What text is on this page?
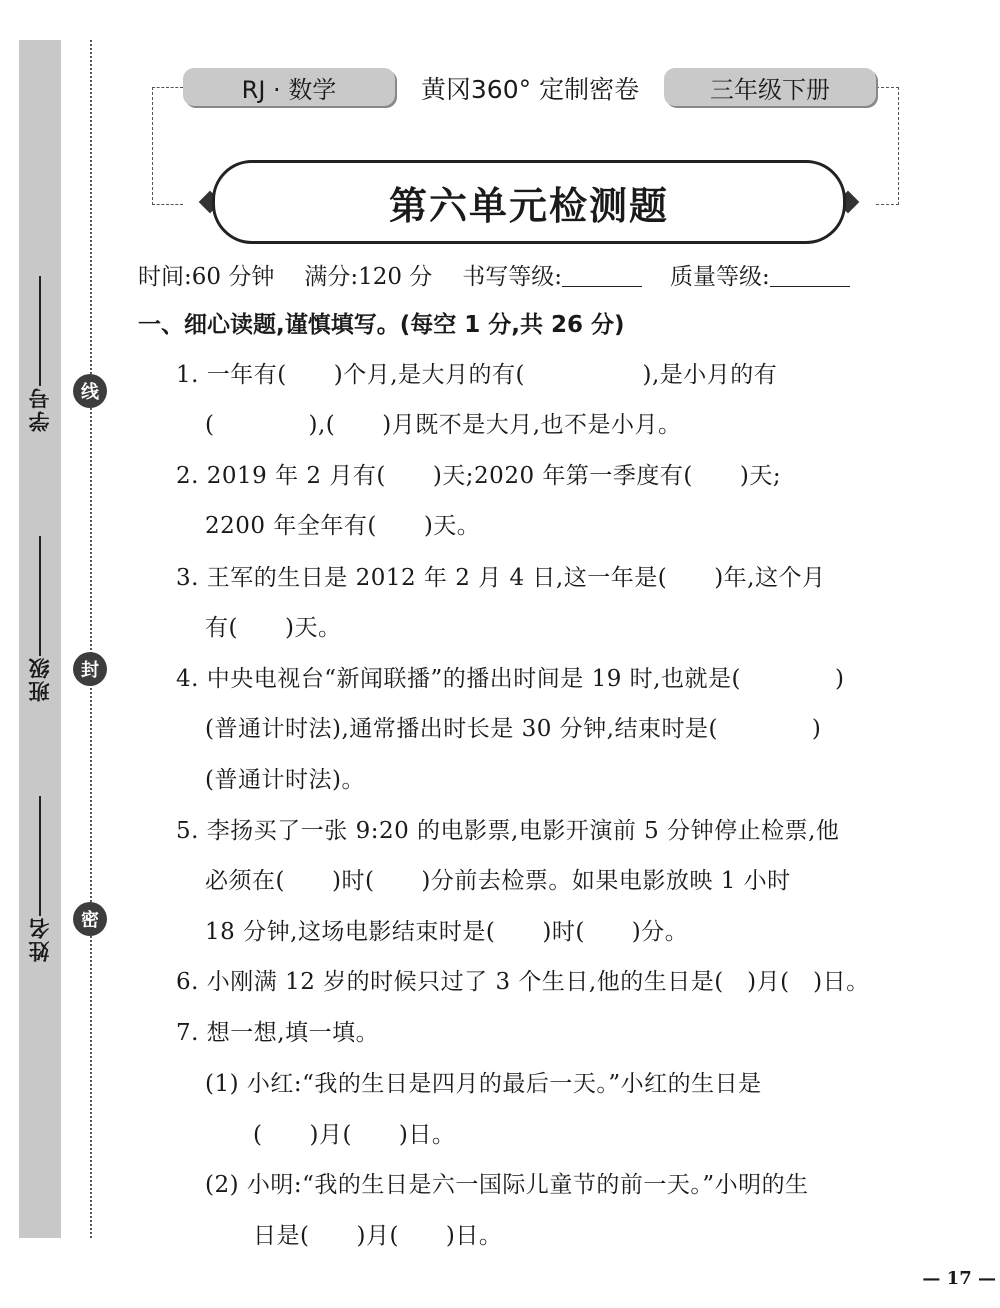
学号
班级
姓名
线
封
密
RJ · 数学	黄冈360° 定制密卷	三年级下册
第六单元检测题
时间:60 分钟 满分:120 分 书写等级:	质量等级:
一、细心读题,谨慎填写。(每空 1 分,共 26 分)
1. 一年有(　　)个月,是大月的有(　　　　　),是小月的有
(　　　　),(　　)月既不是大月,也不是小月。
2. 2019 年 2 月有(　　)天;2020 年第一季度有(　　)天;
2200 年全年有(　　)天。
3. 王军的生日是 2012 年 2 月 4 日,这一年是(　　)年,这个月
有(　　)天。
4. 中央电视台“新闻联播”的播出时间是 19 时,也就是(　　　　)
(普通计时法),通常播出时长是 30 分钟,结束时是(　　　　)
(普通计时法)。
5. 李扬买了一张 9:20 的电影票,电影开演前 5 分钟停止检票,他
必须在(　　)时(　　)分前去检票。如果电影放映 1 小时
18 分钟,这场电影结束时是(　　)时(　　)分。
6. 小刚满 12 岁的时候只过了 3 个生日,他的生日是(　)月(　)日。
7. 想一想,填一填。
(1) 小红:“我的生日是四月的最后一天。”小红的生日是
(　　)月(　　)日。
(2) 小明:“我的生日是六一国际儿童节的前一天。”小明的生
日是(　　)月(　　)日。
— 17 —
